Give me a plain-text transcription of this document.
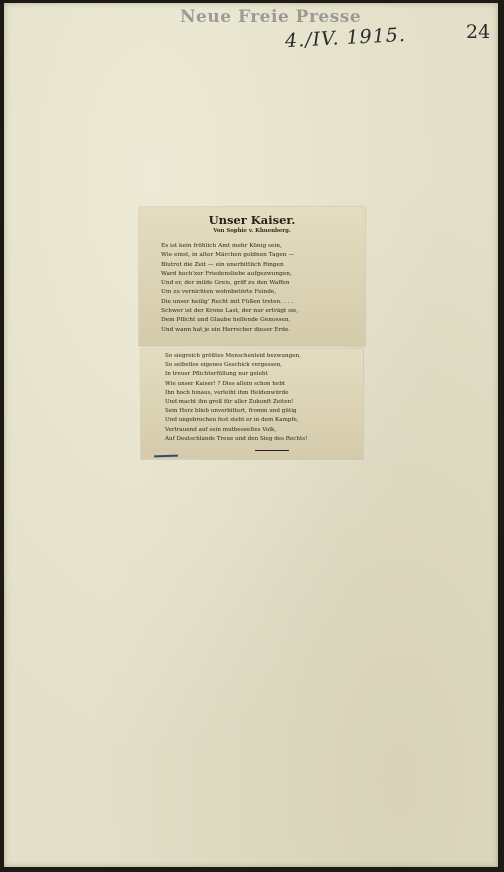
Neue Freie Presse
4./IV. 1915.	24
Unser Kaiser.
Von Sophie v. Khuenberg.
Es ist kein fröhlich Amt mehr König sein,
Wie einst, in alter Märchen goldnen Tagen —
Blutrot die Zeit — ein unerbittlich Ringen
Ward hoch'zer Friedensliebe aufgezwungen,
Und er, der milde Greis, griff zu den Waffen
Um zu vernichten wohnbetörte Feinde,
Die unser heilig' Recht mit Füßen treten. . . .
Schwer ist der Krone Last, der nur erträgt sie,
Dem Pflicht und Glaube helfende Genossen,
Und wann hat je ein Herrscher dieser Erde.
So siegreich größtes Menschenleid bezwungen,
So selbstlos eigenes Geschick vergessen,
In treuer Pflichterfüllung nur gelebt
Wie unser Kaiser! ? Dies allein schon hebt
Ihn hoch hinaus, verleiht ihm Heldenwürde
Und macht ihn groß für aller Zukunft Zeiten!
Sein Herz blieb unverbittert, fromm und gütig
Und ungebrochen fest steht er in dem Kampfe,
Vertrauend auf sein mutbeseeltes Volk,
Auf Deutschlands Treue und den Sieg des Rechts!
